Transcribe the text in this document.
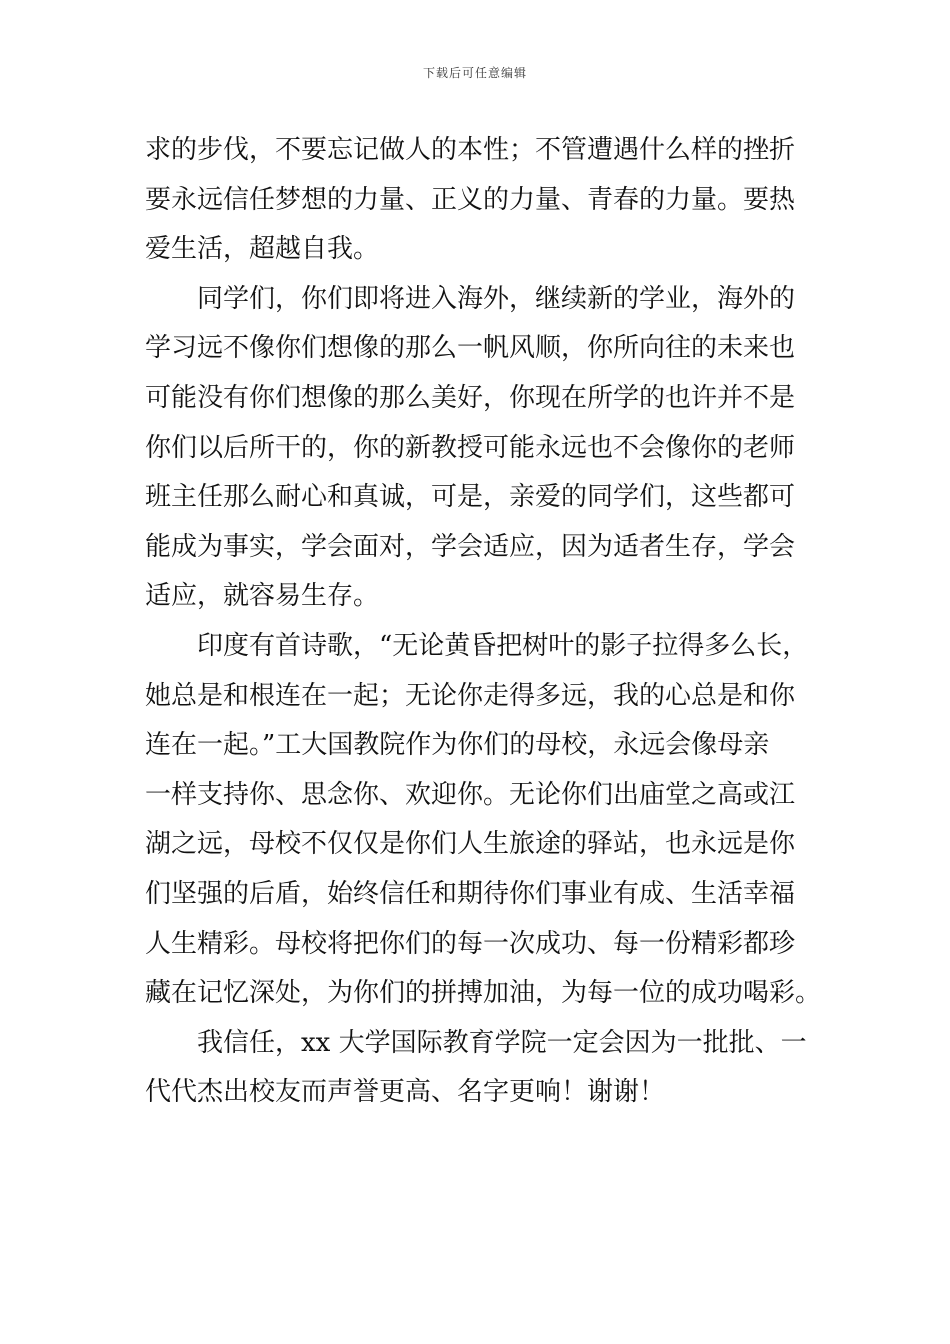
下载后可任意编辑
求的步伐，不要忘记做人的本性；不管遭遇什么样的挫折
要永远信任梦想的力量、正义的力量、青春的力量。要热
爱生活，超越自我。
同学们，你们即将进入海外，继续新的学业，海外的
学习远不像你们想像的那么一帆风顺，你所向往的未来也
可能没有你们想像的那么美好，你现在所学的也许并不是
你们以后所干的，你的新教授可能永远也不会像你的老师
班主任那么耐心和真诚，可是，亲爱的同学们，这些都可
能成为事实，学会面对，学会适应，因为适者生存，学会
适应，就容易生存。
印度有首诗歌，“无论黄昏把树叶的影子拉得多么长，
她总是和根连在一起；无论你走得多远，我的心总是和你
连在一起。”工大国教院作为你们的母校，永远会像母亲
一样支持你、思念你、欢迎你。无论你们出庙堂之高或江
湖之远，母校不仅仅是你们人生旅途的驿站，也永远是你
们坚强的后盾，始终信任和期待你们事业有成、生活幸福
人生精彩。母校将把你们的每一次成功、每一份精彩都珍
藏在记忆深处，为你们的拼搏加油，为每一位的成功喝彩。
我信任，xx 大学国际教育学院一定会因为一批批、一
代代杰出校友而声誉更高、名字更响！谢谢！
